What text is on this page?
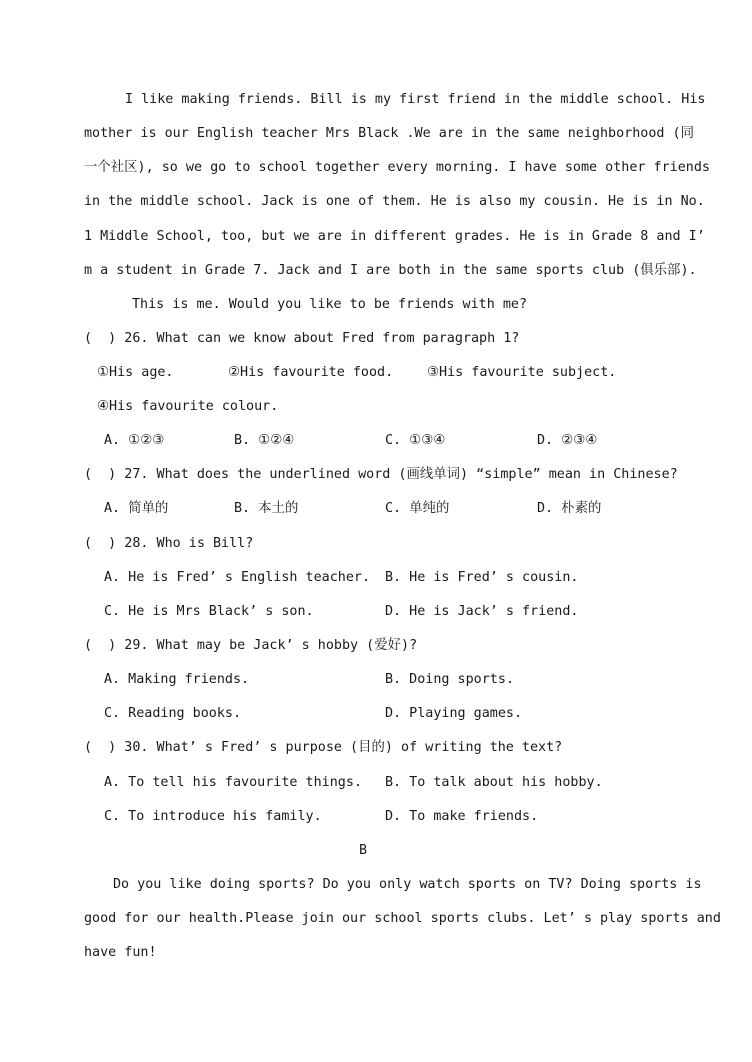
I like making friends. Bill is my first friend in the middle school. His
mother is our English teacher Mrs Black .We are in the same neighborhood (同
一个社区), so we go to school together every morning. I have some other friends
in the middle school. Jack is one of them. He is also my cousin. He is in No.
1 Middle School, too, but we are in different grades. He is in Grade 8 and I’
m a student in Grade 7. Jack and I are both in the same sports club (俱乐部).
This is me. Would you like to be friends with me?
(  ) 26. What can we know about Fred from paragraph 1?
①His age.	②His favourite food.	③His favourite subject.
④His favourite colour.
A. ①②③	B. ①②④	C. ①③④	D. ②③④
(  ) 27. What does the underlined word (画线单词) “simple” mean in Chinese?
A. 简单的	B. 本土的	C. 单纯的	D. 朴素的
(  ) 28. Who is Bill?
A. He is Fred’ s English teacher. B. He is Fred’ s cousin.
C. He is Mrs Black’ s son.	D. He is Jack’ s friend.
(  ) 29. What may be Jack’ s hobby (爱好)?
A. Making friends.	B. Doing sports.
C. Reading books.	D. Playing games.
(  ) 30. What’ s Fred’ s purpose (目的) of writing the text?
A. To tell his favourite things. B. To talk about his hobby.
C. To introduce his family.	D. To make friends.
B
Do you like doing sports? Do you only watch sports on TV? Doing sports is
good for our health.Please join our school sports clubs. Let’ s play sports and
have fun!
